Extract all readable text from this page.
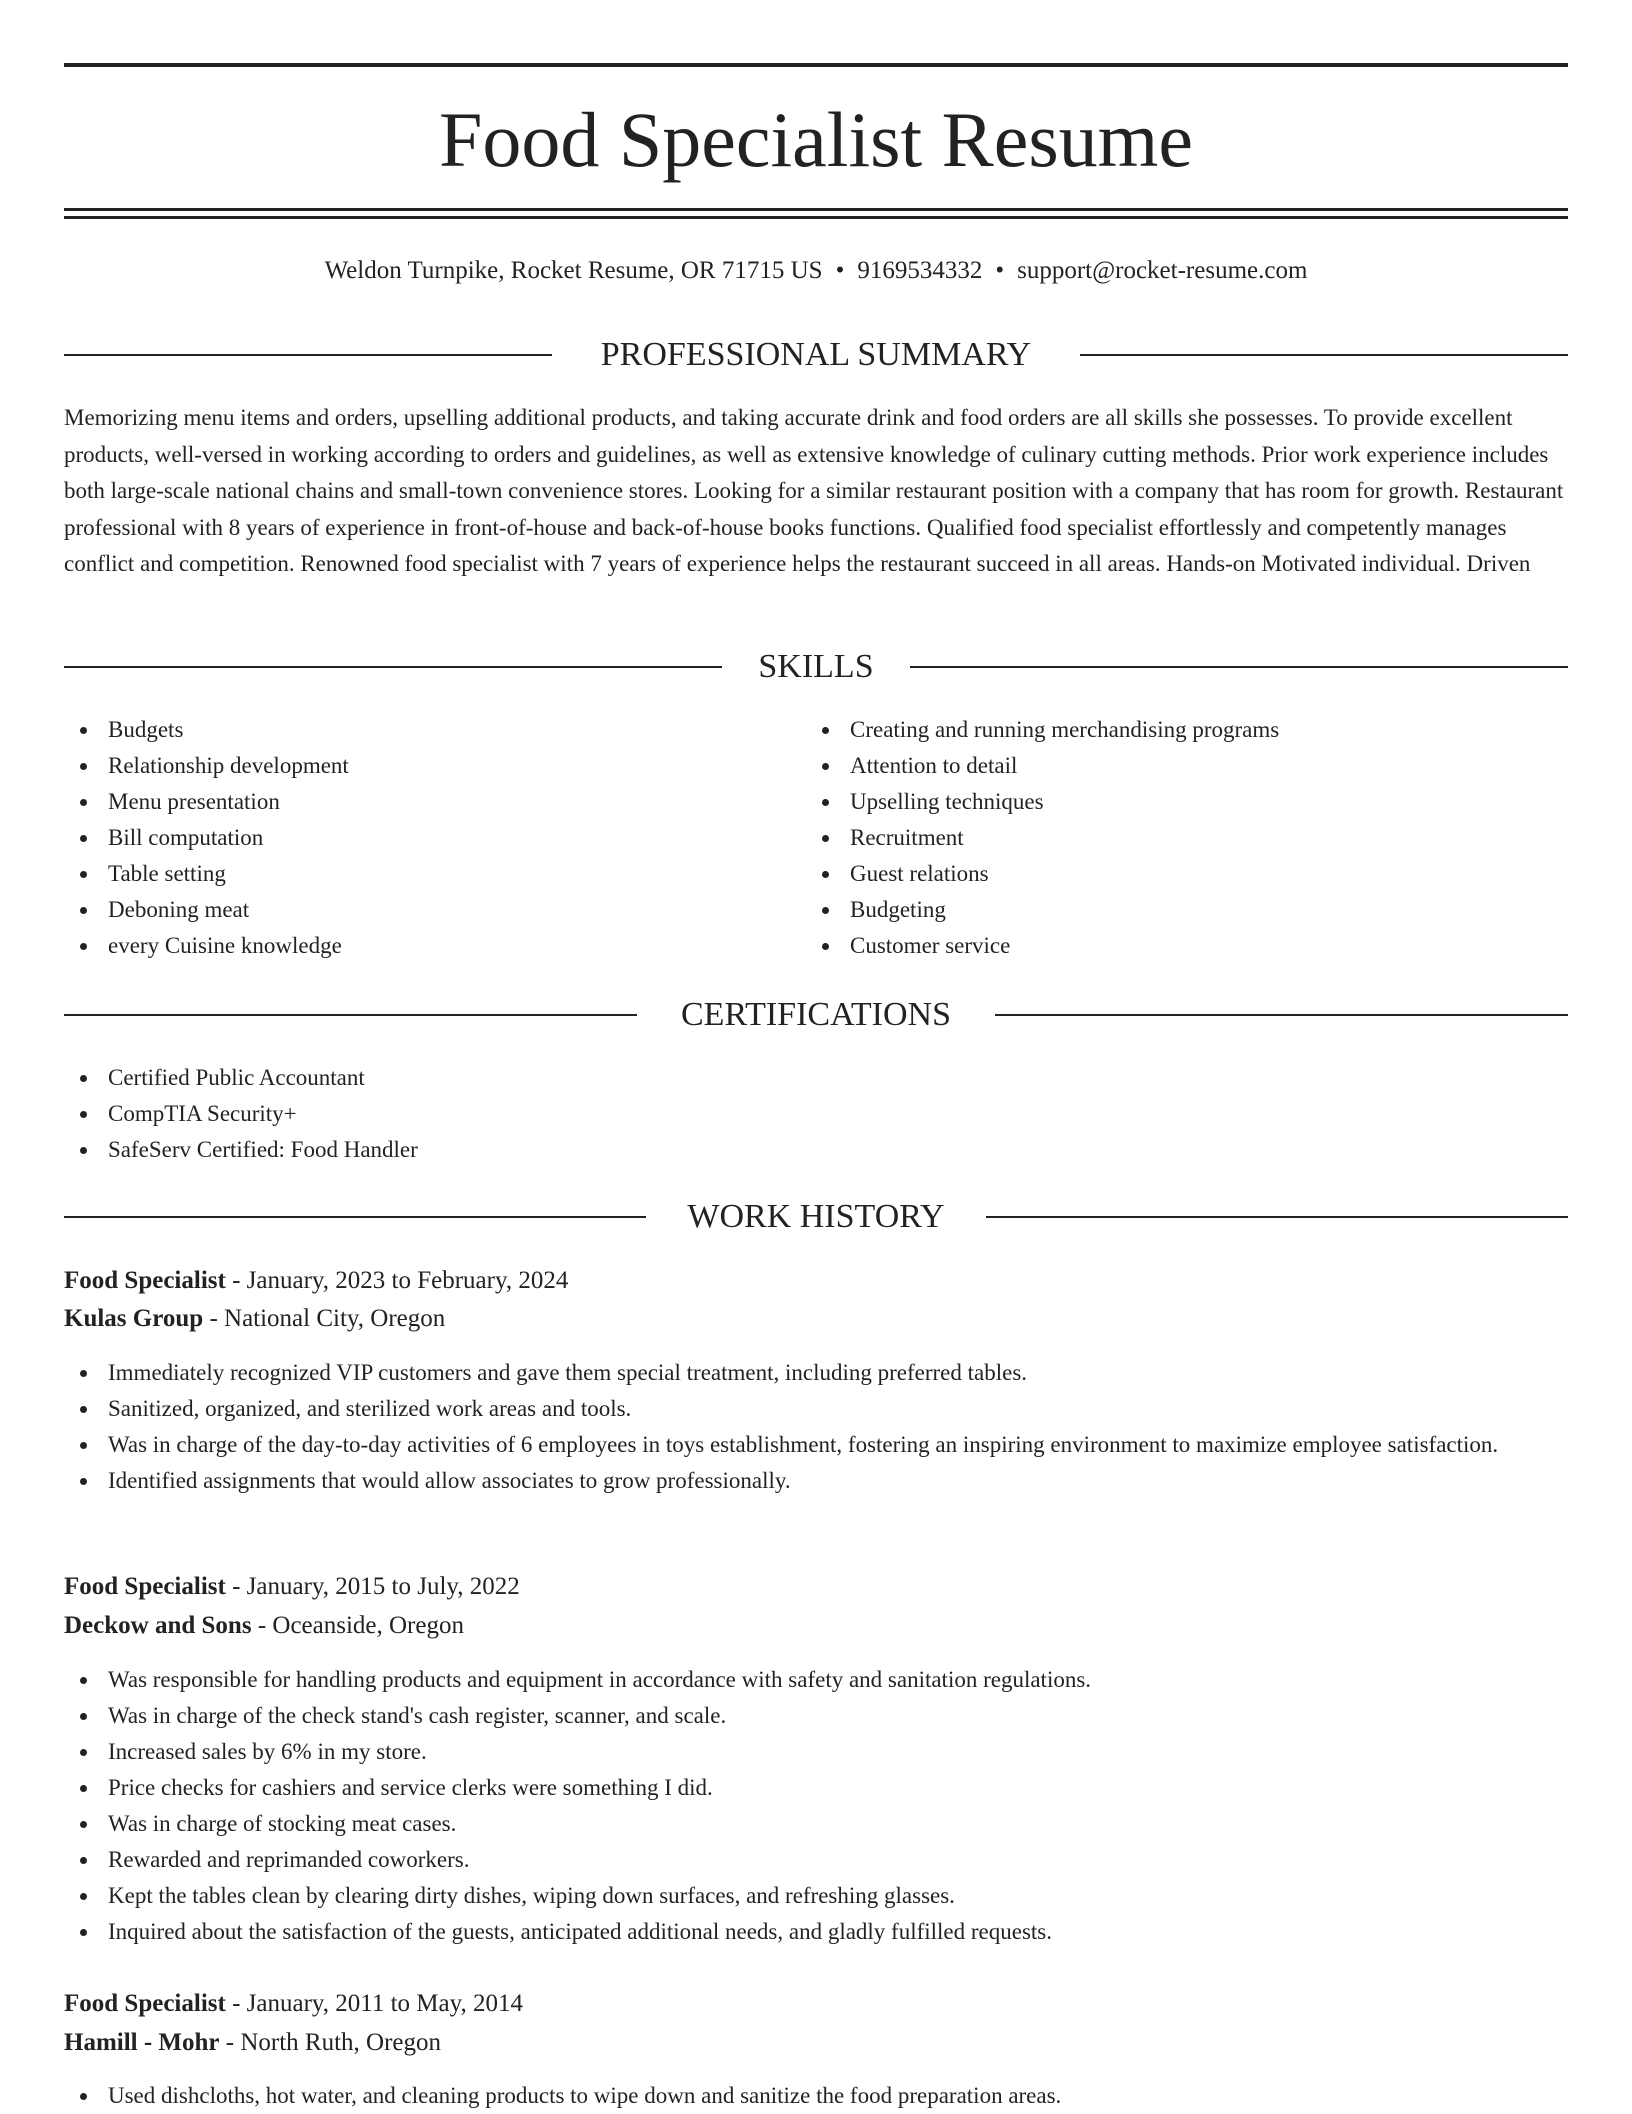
Food Specialist Resume
Weldon Turnpike, Rocket Resume, OR 71715 US • 9169534332 • support@rocket-resume.com
PROFESSIONAL SUMMARY

Memorizing menu items and orders, upselling additional products, and taking accurate drink and food orders are all skills she possesses. To provide excellent products, well-versed in working according to orders and guidelines, as well as extensive knowledge of culinary cutting methods. Prior work experience includes both large-scale national chains and small-town convenience stores. Looking for a similar restaurant position with a company that has room for growth. Restaurant professional with 8 years of experience in front-of-house and back-of-house books functions. Qualified food specialist effortlessly and competently manages conflict and competition. Renowned food specialist with 7 years of experience helps the restaurant succeed in all areas. Hands-on Motivated individual. Driven

SKILLS
Budgets
Relationship development
Menu presentation
Bill computation
Table setting
Deboning meat
every Cuisine knowledge
Creating and running merchandising programs
Attention to detail
Upselling techniques
Recruitment
Guest relations
Budgeting
Customer service
CERTIFICATIONS
Certified Public Accountant
CompTIA Security+
SafeServ Certified: Food Handler
WORK HISTORY
Food Specialist - January, 2023 to February, 2024
Kulas Group - National City, Oregon
Immediately recognized VIP customers and gave them special treatment, including preferred tables.
Sanitized, organized, and sterilized work areas and tools.
Was in charge of the day-to-day activities of 6 employees in toys establishment, fostering an inspiring environment to maximize employee satisfaction.
Identified assignments that would allow associates to grow professionally.
Food Specialist - January, 2015 to July, 2022
Deckow and Sons - Oceanside, Oregon
Was responsible for handling products and equipment in accordance with safety and sanitation regulations.
Was in charge of the check stand's cash register, scanner, and scale.
Increased sales by 6% in my store.
Price checks for cashiers and service clerks were something I did.
Was in charge of stocking meat cases.
Rewarded and reprimanded coworkers.
Kept the tables clean by clearing dirty dishes, wiping down surfaces, and refreshing glasses.
Inquired about the satisfaction of the guests, anticipated additional needs, and gladly fulfilled requests.
Food Specialist - January, 2011 to May, 2014
Hamill - Mohr - North Ruth, Oregon
Used dishcloths, hot water, and cleaning products to wipe down and sanitize the food preparation areas.
